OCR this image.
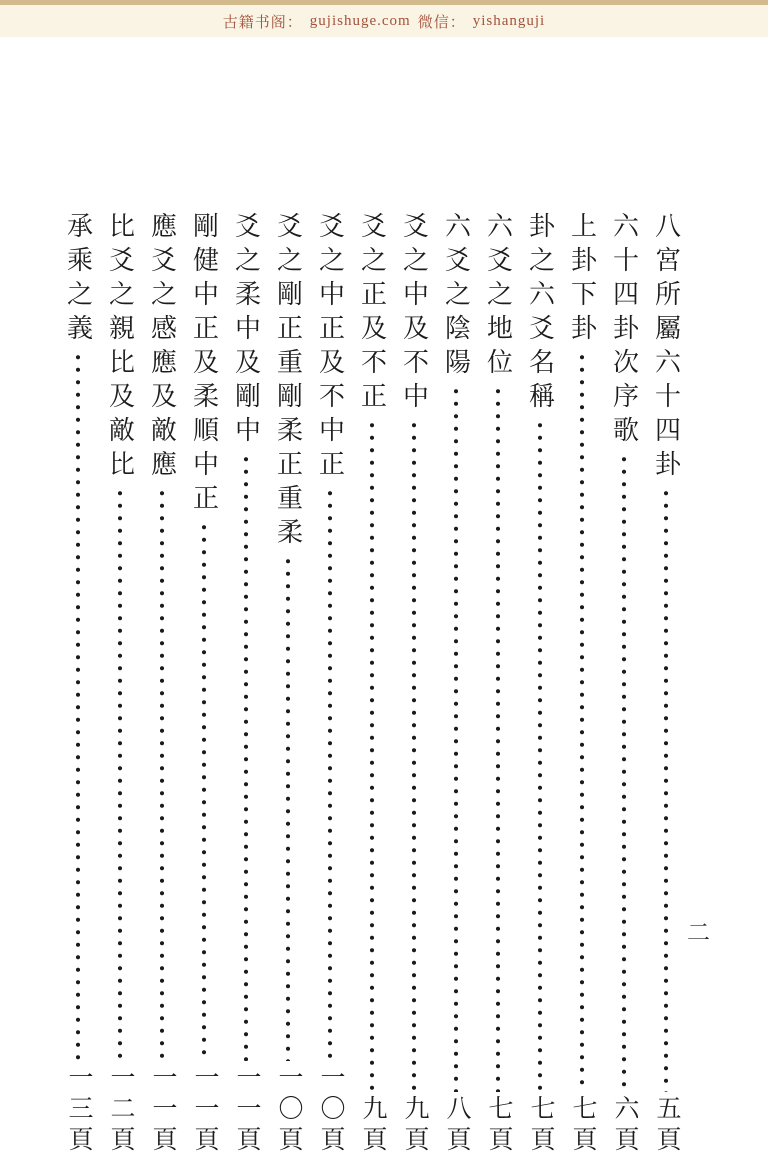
古籍书阁： gujishuge.com 微信： yishanguji
八宮所屬六十四卦
五頁
六十四卦次序歌
六頁
上卦下卦
七頁
卦之六爻名稱
七頁
六爻之地位
七頁
六爻之陰陽
八頁
爻之中及不中
九頁
爻之正及不正
九頁
爻之中正及不中正
一〇頁
爻之剛正重剛柔正重柔
一〇頁
爻之柔中及剛中
一一頁
剛健中正及柔順中正
一一頁
應爻之感應及敵應
一一頁
比爻之親比及敵比
一二頁
承乘之義
一三頁
二
